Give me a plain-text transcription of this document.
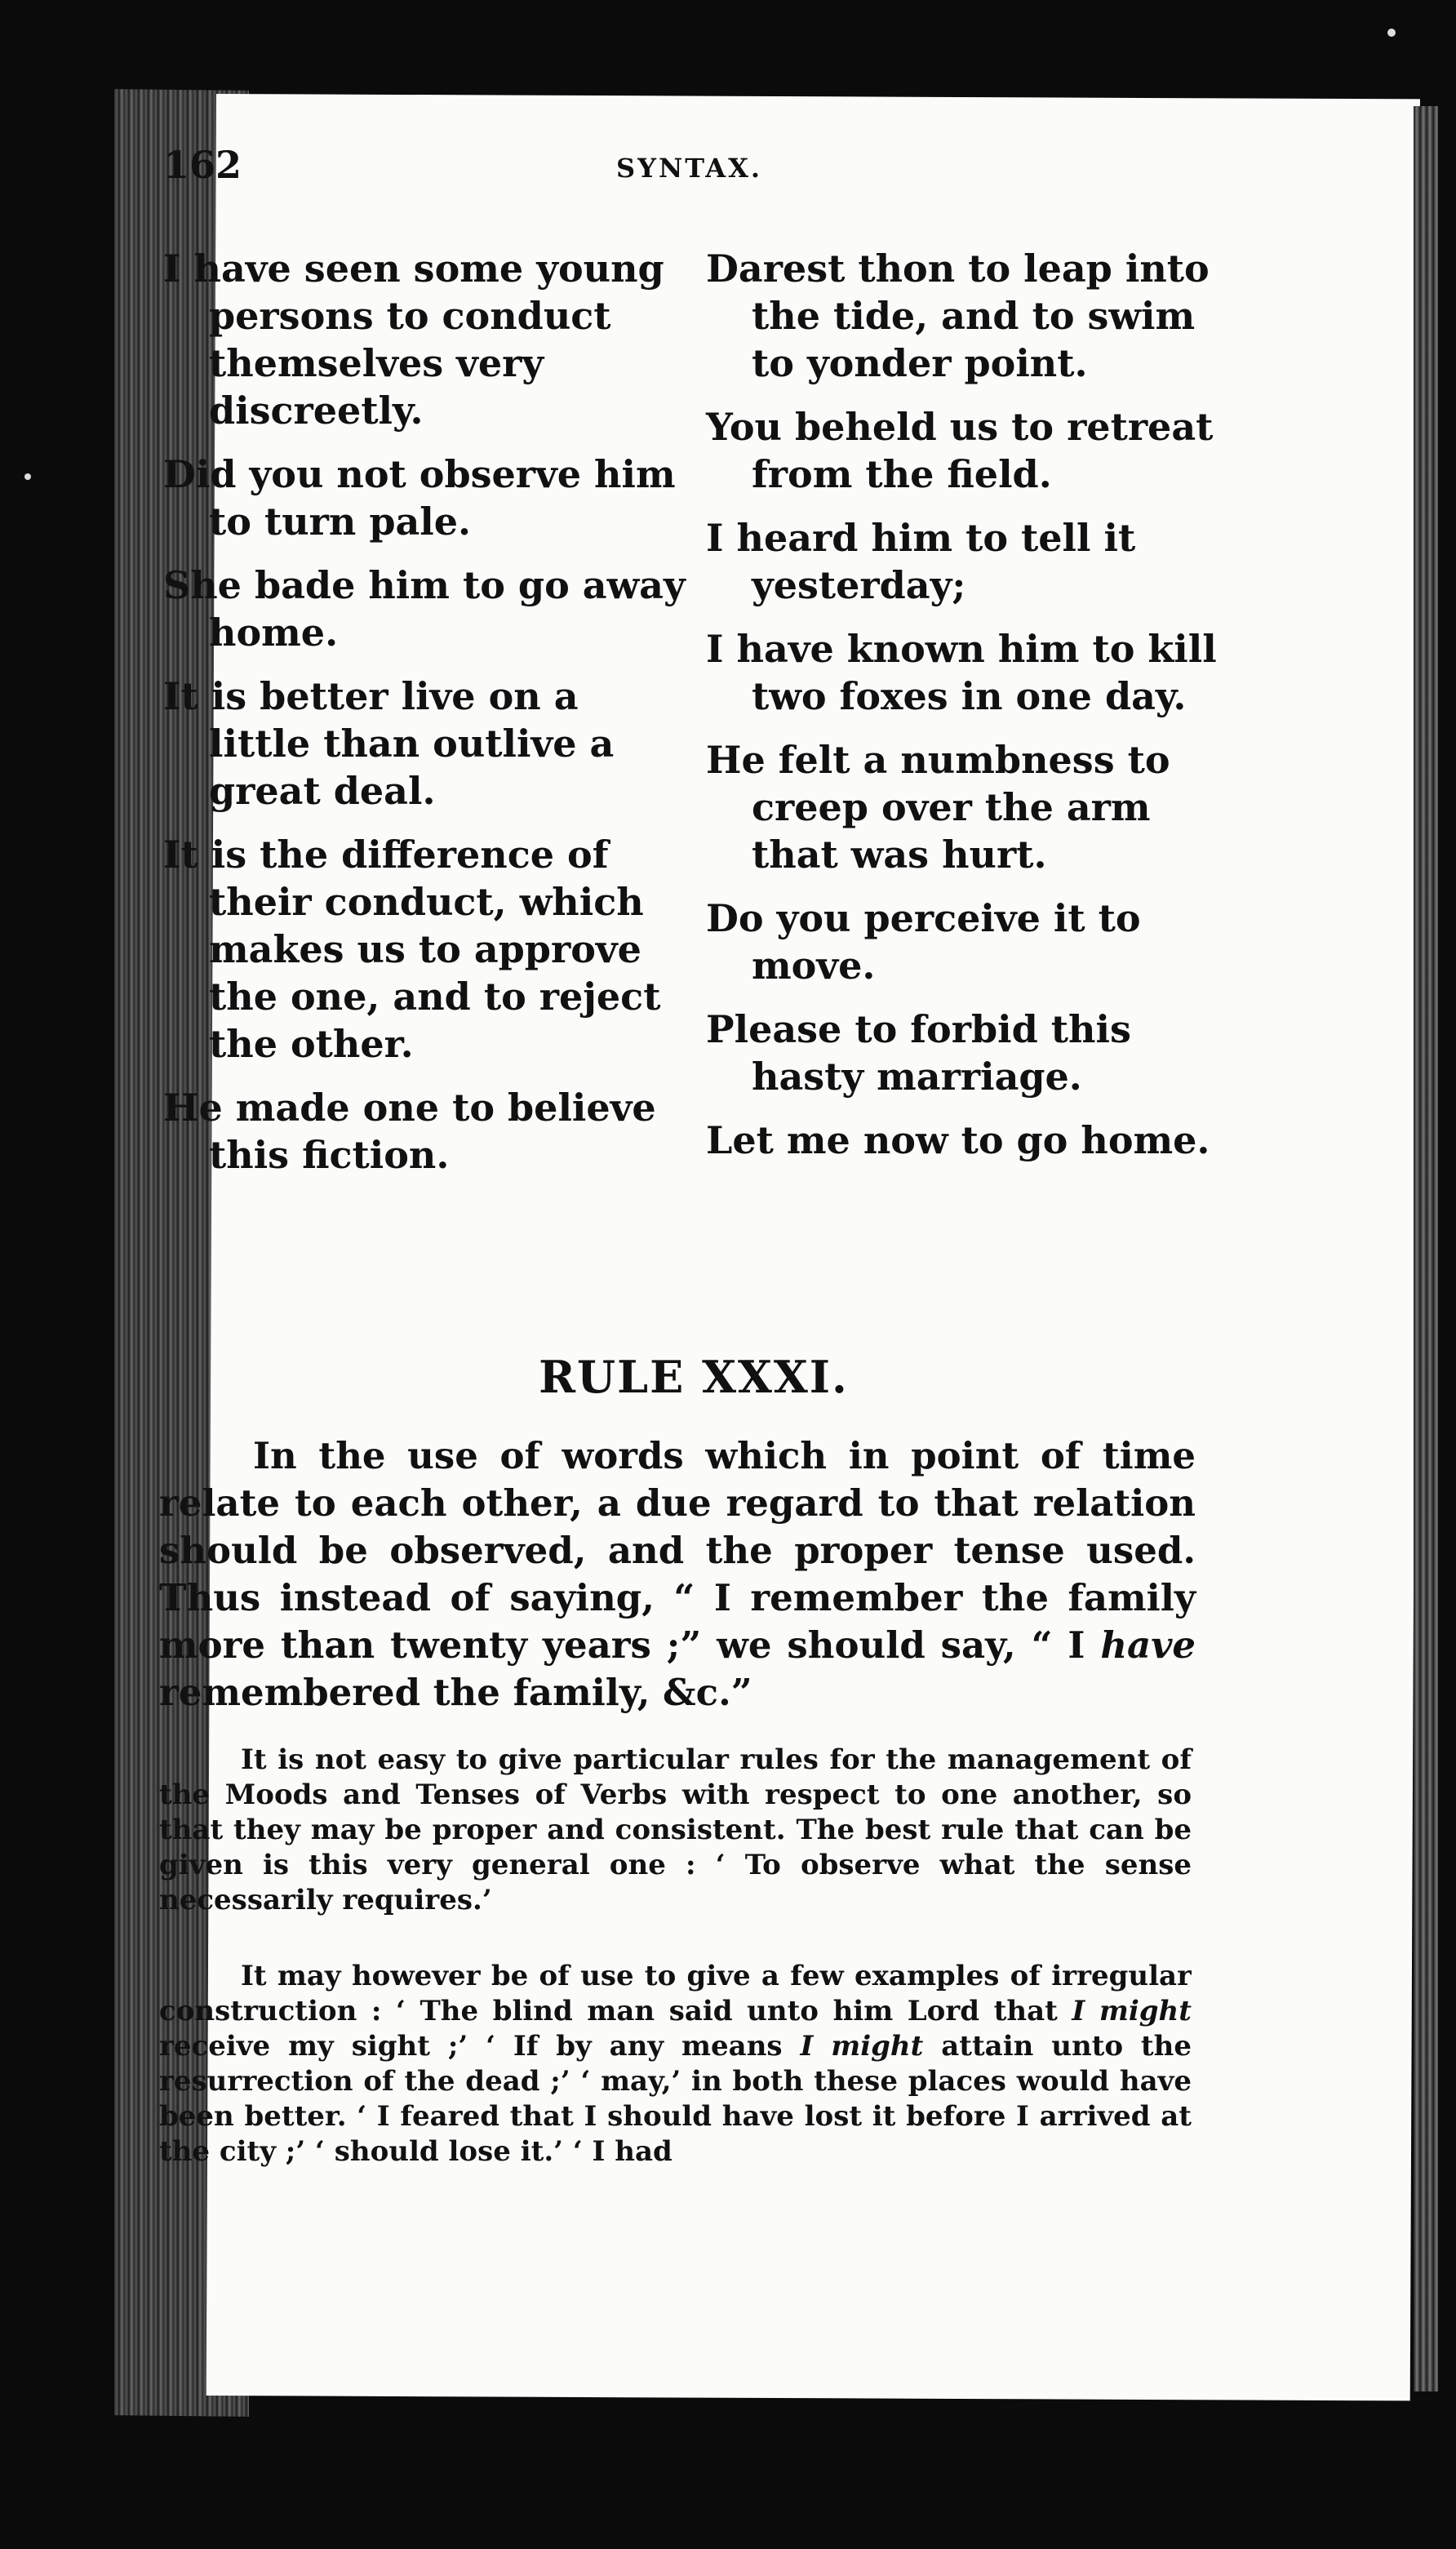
162	SYNTAX.

I have seen some young persons to conduct themselves very discreetly.

Did you not observe him to turn pale.

She bade him to go away home.

It is better live on a little than outlive a great deal.

It is the difference of their conduct, which makes us to approve the one, and to reject the other.

He made one to believe this fiction.

Darest thon to leap into the tide, and to swim to yonder point.

You beheld us to retreat from the field.

I heard him to tell it yesterday;

I have known him to kill two foxes in one day.

He felt a numbness to creep over the arm that was hurt.

Do you perceive it to move.

Please to forbid this hasty marriage.

Let me now to go home.

RULE XXXI.

In the use of words which in point of time relate to each other, a due regard to that relation should be observed, and the proper tense used. Thus instead of saying, “ I remember the family more than twenty years ;” we should say, “ I have remembered the family, &c.”

It is not easy to give particular rules for the management of the Moods and Tenses of Verbs with respect to one another, so that they may be proper and consistent. The best rule that can be given is this very general one : ‘ To observe what the sense necessarily requires.’

It may however be of use to give a few examples of irregular construction : ‘ The blind man said unto him Lord that I might receive my sight ;’ ‘ If by any means I might attain unto the resurrection of the dead ;’ ‘ may,’ in both these places would have been better. ‘ I feared that I should have lost it before I arrived at the city ;’ ‘ should lose it.’ ‘ I had
